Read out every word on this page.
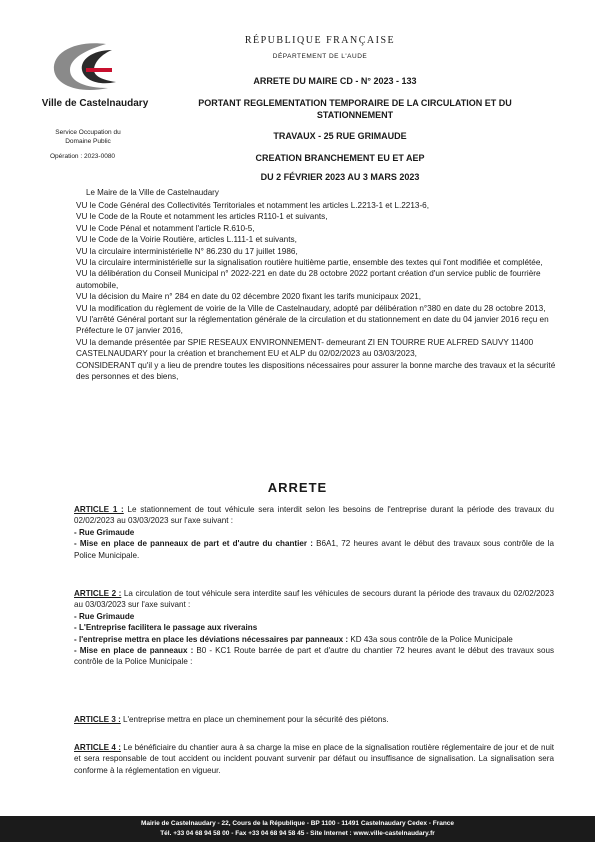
Ville de Castelnaudary
Service Occupation du Domaine Public
Opération : 2023-0080
RÉPUBLIQUE FRANÇAISE
DÉPARTEMENT DE L'AUDE
ARRETE DU MAIRE CD - N° 2023 - 133
PORTANT REGLEMENTATION TEMPORAIRE DE LA CIRCULATION ET DU STATIONNEMENT
TRAVAUX - 25 RUE GRIMAUDE
CREATION BRANCHEMENT EU ET AEP
DU 2 FÉVRIER 2023 AU 3 MARS 2023
Le Maire de la Ville de Castelnaudary

VU le Code Général des Collectivités Territoriales et notamment les articles L.2213-1 et L.2213-6,

VU le Code de la Route et notamment les articles R110-1 et suivants,

VU le Code Pénal et notamment l'article R.610-5,

VU le Code de la Voirie Routière, articles L.111-1 et suivants,

VU la circulaire interministérielle N° 86.230 du 17 juillet 1986,

VU la circulaire interministérielle sur la signalisation routière huitième partie, ensemble des textes qui l'ont modifiée et complétée,

VU la délibération du Conseil Municipal n° 2022-221 en date du 28 octobre 2022 portant création d'un service public de fourrière automobile,

VU la décision du Maire n° 284 en date du 02 décembre 2020 fixant les tarifs municipaux 2021,

VU la modification du règlement de voirie de la Ville de Castelnaudary, adopté par délibération n°380 en date du 28 octobre 2013,

VU l'arrêté Général portant sur la réglementation générale de la circulation et du stationnement en date du 04 janvier 2016 reçu en Préfecture le 07 janvier 2016,

VU la demande présentée par SPIE RESEAUX ENVIRONNEMENT- demeurant ZI EN TOURRE RUE ALFRED SAUVY 11400 CASTELNAUDARY pour la création et branchement EU et ALP du 02/02/2023 au 03/03/2023,

CONSIDERANT qu'il y a lieu de prendre toutes les dispositions nécessaires pour assurer la bonne marche des travaux et la sécurité des personnes et des biens,

ARRETE

ARTICLE 1 : Le stationnement de tout véhicule sera interdit selon les besoins de l'entreprise durant la période des travaux du 02/02/2023 au 03/03/2023 sur l'axe suivant :

- Rue Grimaude

- Mise en place de panneaux de part et d'autre du chantier : B6A1, 72 heures avant le début des travaux sous contrôle de la Police Municipale.

ARTICLE 2 : La circulation de tout véhicule sera interdite sauf les véhicules de secours durant la période des travaux du 02/02/2023 au 03/03/2023 sur l'axe suivant :

- Rue Grimaude

- L'Entreprise facilitera le passage aux riverains

- l'entreprise mettra en place les déviations nécessaires par panneaux : KD 43a sous contrôle de la Police Municipale

- Mise en place de panneaux : B0 - KC1 Route barrée de part et d'autre du chantier 72 heures avant le début des travaux sous contrôle de la Police Municipale :

ARTICLE 3 : L'entreprise mettra en place un cheminement pour la sécurité des piétons.

ARTICLE 4 : Le bénéficiaire du chantier aura à sa charge la mise en place de la signalisation routière réglementaire de jour et de nuit et sera responsable de tout accident ou incident pouvant survenir par défaut ou insuffisance de signalisation. La signalisation sera conforme à la réglementation en vigueur.

Mairie de Castelnaudary - 22, Cours de la République - BP 1100 - 11491 Castelnaudary Cedex - France
Tél. +33 04 68 94 58 00 - Fax +33 04 68 94 58 45 - Site Internet : www.ville-castelnaudary.fr
